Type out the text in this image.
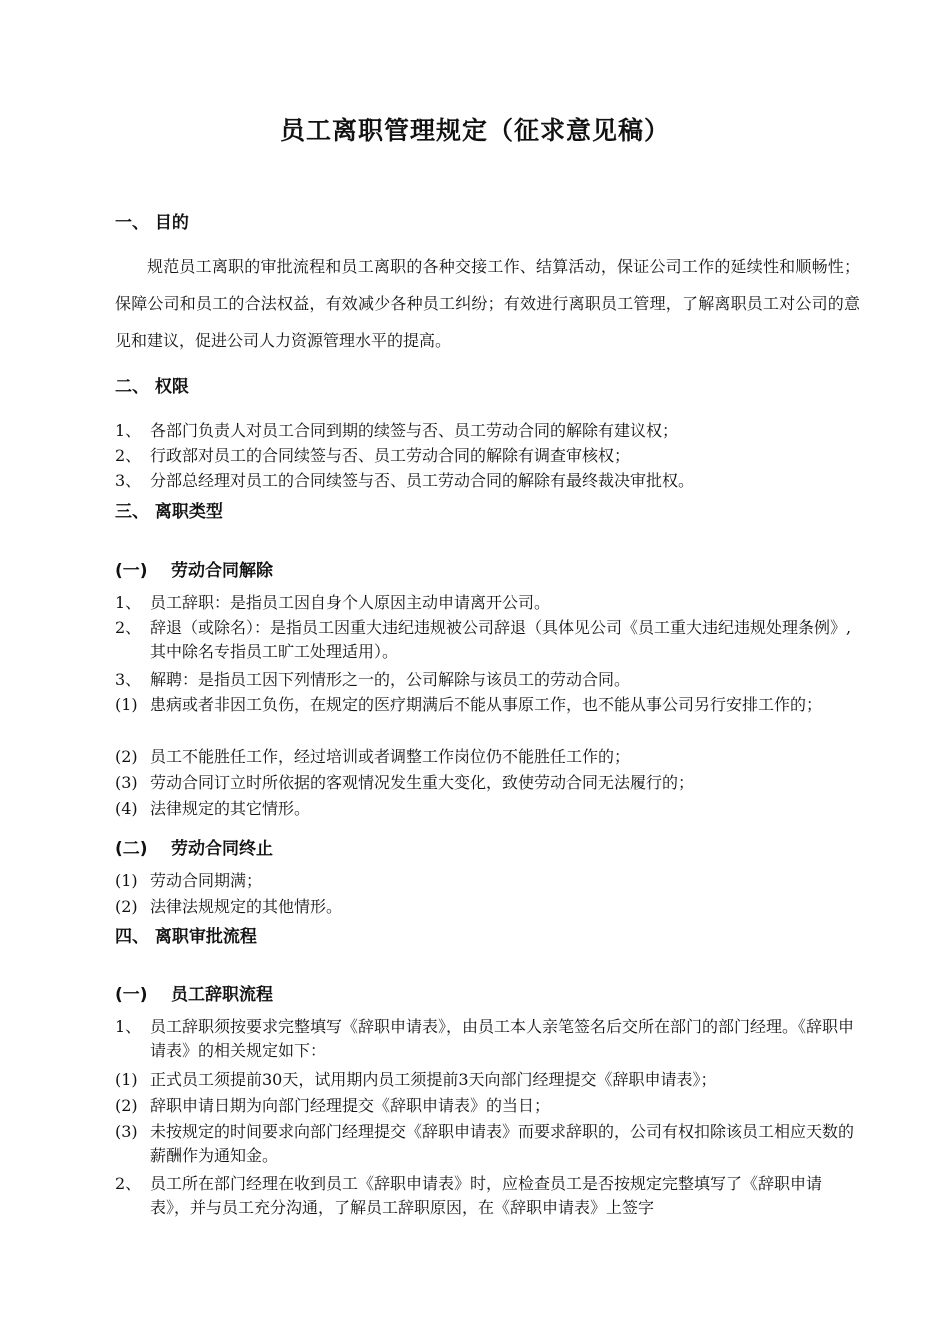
员工离职管理规定（征求意见稿）
一、 目的

规范员工离职的审批流程和员工离职的各种交接工作、结算活动，保证公司工作的延续性和顺畅性；保障公司和员工的合法权益，有效减少各种员工纠纷；有效进行离职员工管理，了解离职员工对公司的意见和建议，促进公司人力资源管理水平的提高。

二、 权限

1、 各部门负责人对员工合同到期的续签与否、员工劳动合同的解除有建议权；

2、 行政部对员工的合同续签与否、员工劳动合同的解除有调查审核权；

3、 分部总经理对员工的合同续签与否、员工劳动合同的解除有最终裁决审批权。

三、 离职类型
(一) 劳动合同解除

1、 员工辞职：是指员工因自身个人原因主动申请离开公司。

2、 辞退（或除名）：是指员工因重大违纪违规被公司辞退（具体见公司《员工重大违纪违规处理条例》,其中除名专指员工旷工处理适用）。

3、 解聘：是指员工因下列情形之一的，公司解除与该员工的劳动合同。

(1) 患病或者非因工负伤，在规定的医疗期满后不能从事原工作，也不能从事公司另行安排工作的；

(2) 员工不能胜任工作，经过培训或者调整工作岗位仍不能胜任工作的；

(3) 劳动合同订立时所依据的客观情况发生重大变化，致使劳动合同无法履行的；

(4) 法律规定的其它情形。

(二) 劳动合同终止

(1) 劳动合同期满；

(2) 法律法规规定的其他情形。

四、 离职审批流程
(一) 员工辞职流程

1、 员工辞职须按要求完整填写《辞职申请表》，由员工本人亲笔签名后交所在部门的部门经理。《辞职申请表》的相关规定如下：

(1) 正式员工须提前30天，试用期内员工须提前3天向部门经理提交《辞职申请表》；

(2) 辞职申请日期为向部门经理提交《辞职申请表》的当日；

(3) 未按规定的时间要求向部门经理提交《辞职申请表》而要求辞职的，公司有权扣除该员工相应天数的薪酬作为通知金。

2、 员工所在部门经理在收到员工《辞职申请表》时，应检查员工是否按规定完整填写了《辞职申请表》，并与员工充分沟通，了解员工辞职原因，在《辞职申请表》上签字
